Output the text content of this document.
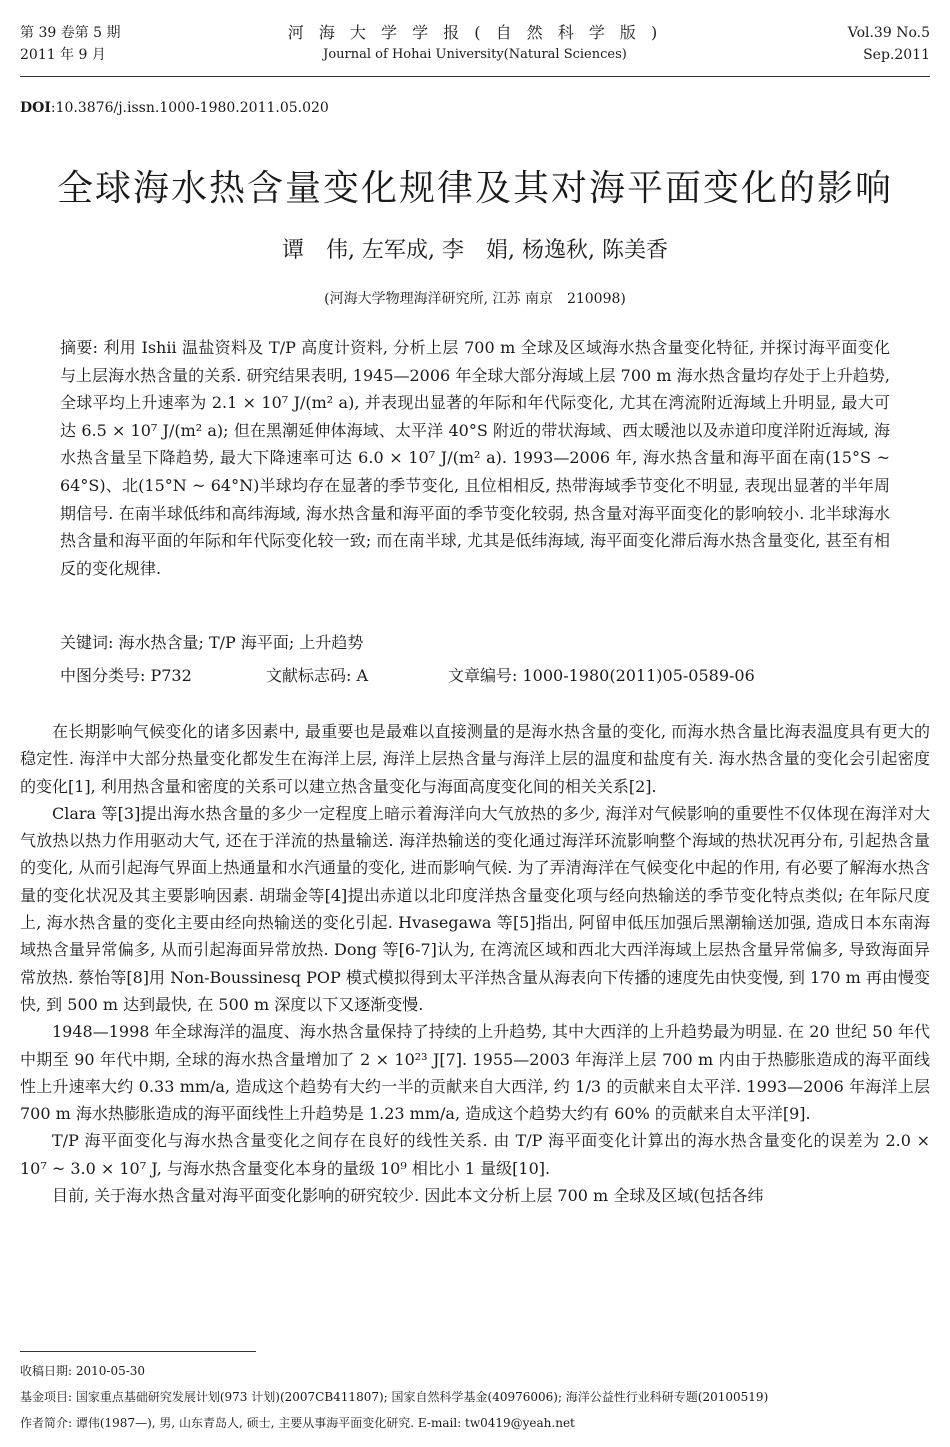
第 39 卷第 5 期
2011 年 9 月
河 海 大 学 学 报 ( 自 然 科 学 版 )
Journal of Hohai University(Natural Sciences)
Vol.39 No.5
Sep.2011
DOI:10.3876/j.issn.1000-1980.2011.05.020
全球海水热含量变化规律及其对海平面变化的影响
谭　伟, 左军成, 李　娟, 杨逸秋, 陈美香
(河海大学物理海洋研究所, 江苏 南京　210098)
摘要: 利用 Ishii 温盐资料及 T/P 高度计资料, 分析上层 700 m 全球及区域海水热含量变化特征, 并探讨海平面变化与上层海水热含量的关系. 研究结果表明, 1945—2006 年全球大部分海域上层 700 m 海水热含量均存处于上升趋势, 全球平均上升速率为 2.1 × 10⁷ J/(m² a), 并表现出显著的年际和年代际变化, 尤其在湾流附近海域上升明显, 最大可达 6.5 × 10⁷ J/(m² a); 但在黑潮延伸体海域、太平洋 40°S 附近的带状海域、西太暖池以及赤道印度洋附近海域, 海水热含量呈下降趋势, 最大下降速率可达 6.0 × 10⁷ J/(m² a). 1993—2006 年, 海水热含量和海平面在南(15°S ~ 64°S)、北(15°N ~ 64°N)半球均存在显著的季节变化, 且位相相反, 热带海域季节变化不明显, 表现出显著的半年周期信号. 在南半球低纬和高纬海域, 海水热含量和海平面的季节变化较弱, 热含量对海平面变化的影响较小. 北半球海水热含量和海平面的年际和年代际变化较一致; 而在南半球, 尤其是低纬海域, 海平面变化滞后海水热含量变化, 甚至有相反的变化规律.
关键词: 海水热含量; T/P 海平面; 上升趋势
中图分类号: P732	文献标志码: A	文章编号: 1000-1980(2011)05-0589-06

在长期影响气候变化的诸多因素中, 最重要也是最难以直接测量的是海水热含量的变化, 而海水热含量比海表温度具有更大的稳定性. 海洋中大部分热量变化都发生在海洋上层, 海洋上层热含量与海洋上层的温度和盐度有关. 海水热含量的变化会引起密度的变化[1], 利用热含量和密度的关系可以建立热含量变化与海面高度变化间的相关关系[2].

Clara 等[3]提出海水热含量的多少一定程度上暗示着海洋向大气放热的多少, 海洋对气候影响的重要性不仅体现在海洋对大气放热以热力作用驱动大气, 还在于洋流的热量输送. 海洋热输送的变化通过海洋环流影响整个海域的热状况再分布, 引起热含量的变化, 从而引起海气界面上热通量和水汽通量的变化, 进而影响气候. 为了弄清海洋在气候变化中起的作用, 有必要了解海水热含量的变化状况及其主要影响因素. 胡瑞金等[4]提出赤道以北印度洋热含量变化项与经向热输送的季节变化特点类似; 在年际尺度上, 海水热含量的变化主要由经向热输送的变化引起. Hvasegawa 等[5]指出, 阿留申低压加强后黑潮输送加强, 造成日本东南海域热含量异常偏多, 从而引起海面异常放热. Dong 等[6-7]认为, 在湾流区域和西北大西洋海域上层热含量异常偏多, 导致海面异常放热. 蔡怡等[8]用 Non-Boussinesq POP 模式模拟得到太平洋热含量从海表向下传播的速度先由快变慢, 到 170 m 再由慢变快, 到 500 m 达到最快, 在 500 m 深度以下又逐渐变慢.

1948—1998 年全球海洋的温度、海水热含量保持了持续的上升趋势, 其中大西洋的上升趋势最为明显. 在 20 世纪 50 年代中期至 90 年代中期, 全球的海水热含量增加了 2 × 10²³ J[7]. 1955—2003 年海洋上层 700 m 内由于热膨胀造成的海平面线性上升速率大约 0.33 mm/a, 造成这个趋势有大约一半的贡献来自大西洋, 约 1/3 的贡献来自太平洋. 1993—2006 年海洋上层 700 m 海水热膨胀造成的海平面线性上升趋势是 1.23 mm/a, 造成这个趋势大约有 60% 的贡献来自太平洋[9].

T/P 海平面变化与海水热含量变化之间存在良好的线性关系. 由 T/P 海平面变化计算出的海水热含量变化的误差为 2.0 × 10⁷ ~ 3.0 × 10⁷ J, 与海水热含量变化本身的量级 10⁹ 相比小 1 量级[10].

目前, 关于海水热含量对海平面变化影响的研究较少. 因此本文分析上层 700 m 全球及区域(包括各纬

收稿日期: 2010-05-30
基金项目: 国家重点基础研究发展计划(973 计划)(2007CB411807); 国家自然科学基金(40976006); 海洋公益性行业科研专题(20100519)
作者简介: 谭伟(1987—), 男, 山东青岛人, 硕士, 主要从事海平面变化研究. E-mail: tw0419@yeah.net
